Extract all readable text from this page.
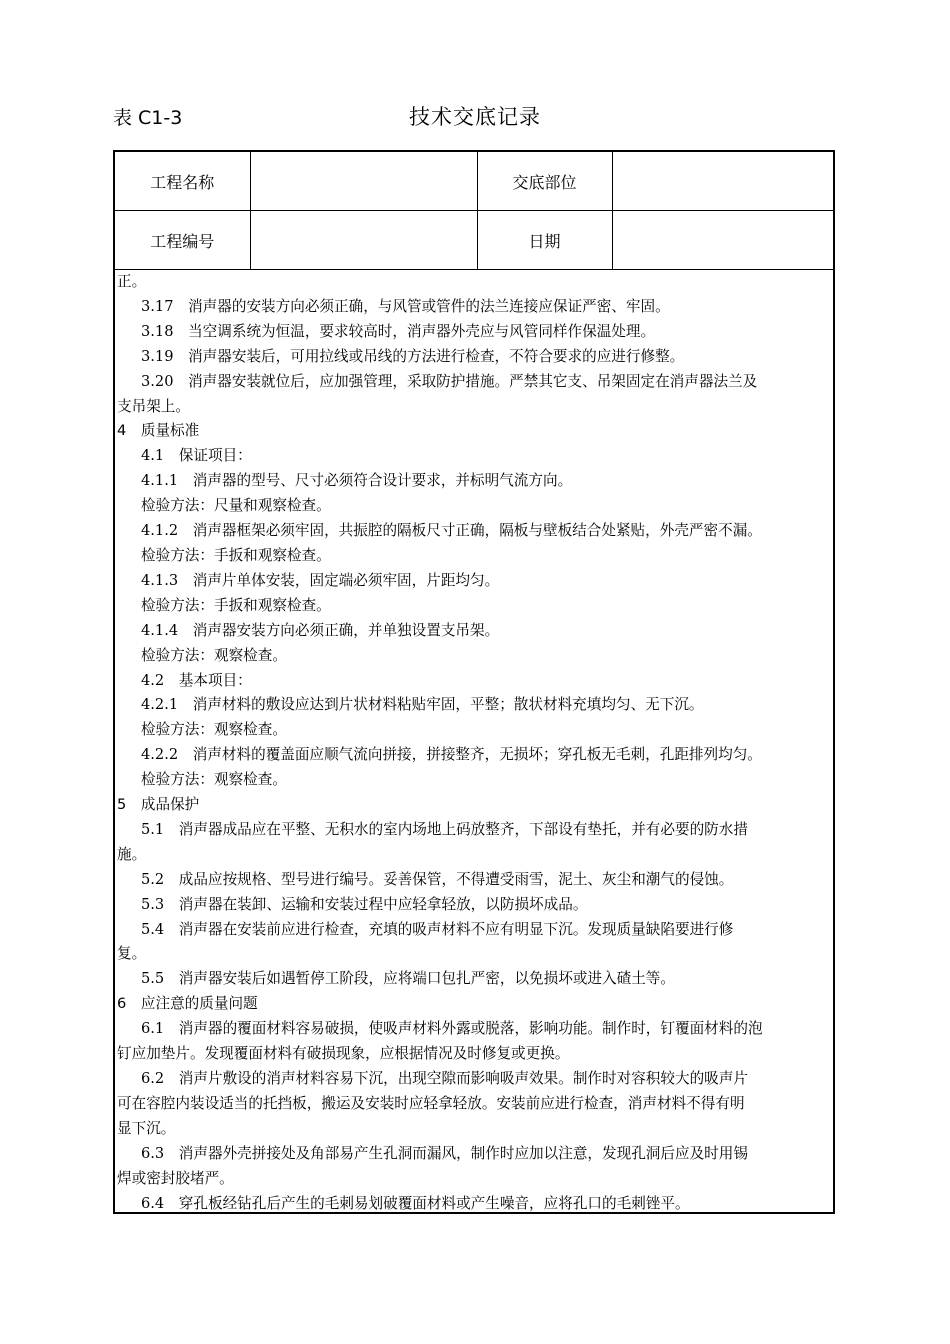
表 C1-3	技术交底记录
工程名称		交底部位	
工程编号		日期	
正。
3.17　消声器的安装方向必须正确，与风管或管件的法兰连接应保证严密、牢固。
3.18　当空调系统为恒温，要求较高时，消声器外壳应与风管同样作保温处理。
3.19　消声器安装后，可用拉线或吊线的方法进行检查，不符合要求的应进行修整。
3.20　消声器安装就位后，应加强管理，采取防护措施。严禁其它支、吊架固定在消声器法兰及
支吊架上。
4　质量标准
4.1　保证项目：
4.1.1　消声器的型号、尺寸必须符合设计要求，并标明气流方向。
检验方法：尺量和观察检查。
4.1.2　消声器框架必须牢固，共振腔的隔板尺寸正确，隔板与壁板结合处紧贴，外壳严密不漏。
检验方法：手扳和观察检查。
4.1.3　消声片单体安装，固定端必须牢固，片距均匀。
检验方法：手扳和观察检查。
4.1.4　消声器安装方向必须正确，并单独设置支吊架。
检验方法：观察检查。
4.2　基本项目：
4.2.1　消声材料的敷设应达到片状材料粘贴牢固，平整；散状材料充填均匀、无下沉。
检验方法：观察检查。
4.2.2　消声材料的覆盖面应顺气流向拼接，拼接整齐，无损坏；穿孔板无毛刺，孔距排列均匀。
检验方法：观察检查。
5　成品保护
5.1　消声器成品应在平整、无积水的室内场地上码放整齐，下部设有垫托，并有必要的防水措
施。
5.2　成品应按规格、型号进行编号。妥善保管，不得遭受雨雪，泥土、灰尘和潮气的侵蚀。
5.3　消声器在装卸、运输和安装过程中应轻拿轻放，以防损坏成品。
5.4　消声器在安装前应进行检查，充填的吸声材料不应有明显下沉。发现质量缺陷要进行修
复。
5.5　消声器安装后如遇暂停工阶段，应将端口包扎严密，以免损坏或进入碴土等。
6　应注意的质量问题
6.1　消声器的覆面材料容易破损，使吸声材料外露或脱落，影响功能。制作时，钉覆面材料的泡
钉应加垫片。发现覆面材料有破损现象，应根据情况及时修复或更换。
6.2　消声片敷设的消声材料容易下沉，出现空隙而影响吸声效果。制作时对容积较大的吸声片
可在容腔内装设适当的托挡板，搬运及安装时应轻拿轻放。安装前应进行检查，消声材料不得有明
显下沉。
6.3　消声器外壳拼接处及角部易产生孔洞而漏风，制作时应加以注意，发现孔洞后应及时用锡
焊或密封胶堵严。
6.4　穿孔板经钻孔后产生的毛刺易划破覆面材料或产生噪音，应将孔口的毛刺锉平。
